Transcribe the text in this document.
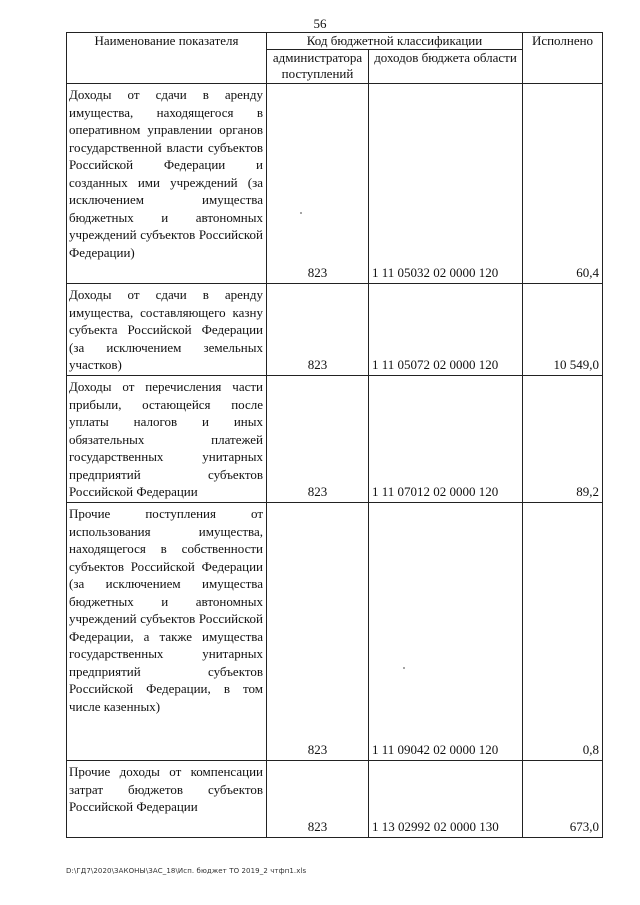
56
Наименование показателя	Код бюджетной классификации		Исполнено
	администратора поступлений	доходов бюджета области	
Доходы от сдачи в аренду имущества, находящегося в оперативном управлении органов государственной власти субъектов Российской Федерации и созданных ими учреждений (за исключением имущества бюджетных и автономных учреждений субъектов Российской Федерации)	823	1 11 05032 02 0000 120	60,4
Доходы от сдачи в аренду имущества, составляющего казну субъекта Российской Федерации (за исключением земельных участков)	823	1 11 05072 02 0000 120	10 549,0
Доходы от перечисления части прибыли, остающейся после уплаты налогов и иных обязательных платежей государственных унитарных предприятий субъектов Российской Федерации	823	1 11 07012 02 0000 120	89,2
Прочие поступления от использования имущества, находящегося в собственности субъектов Российской Федерации (за исключением имущества бюджетных и автономных учреждений субъектов Российской Федерации, а также имущества государственных унитарных предприятий субъектов Российской Федерации, в том числе казенных)	823	1 11 09042 02 0000 120	0,8
Прочие доходы от компенсации затрат бюджетов субъектов Российской Федерации	823	1 13 02992 02 0000 130	673,0
D:\ГД7\2020\ЗАКОНЫ\ЗАС_18\Исп. бюджет ТО 2019_2 чтфп1.xls
